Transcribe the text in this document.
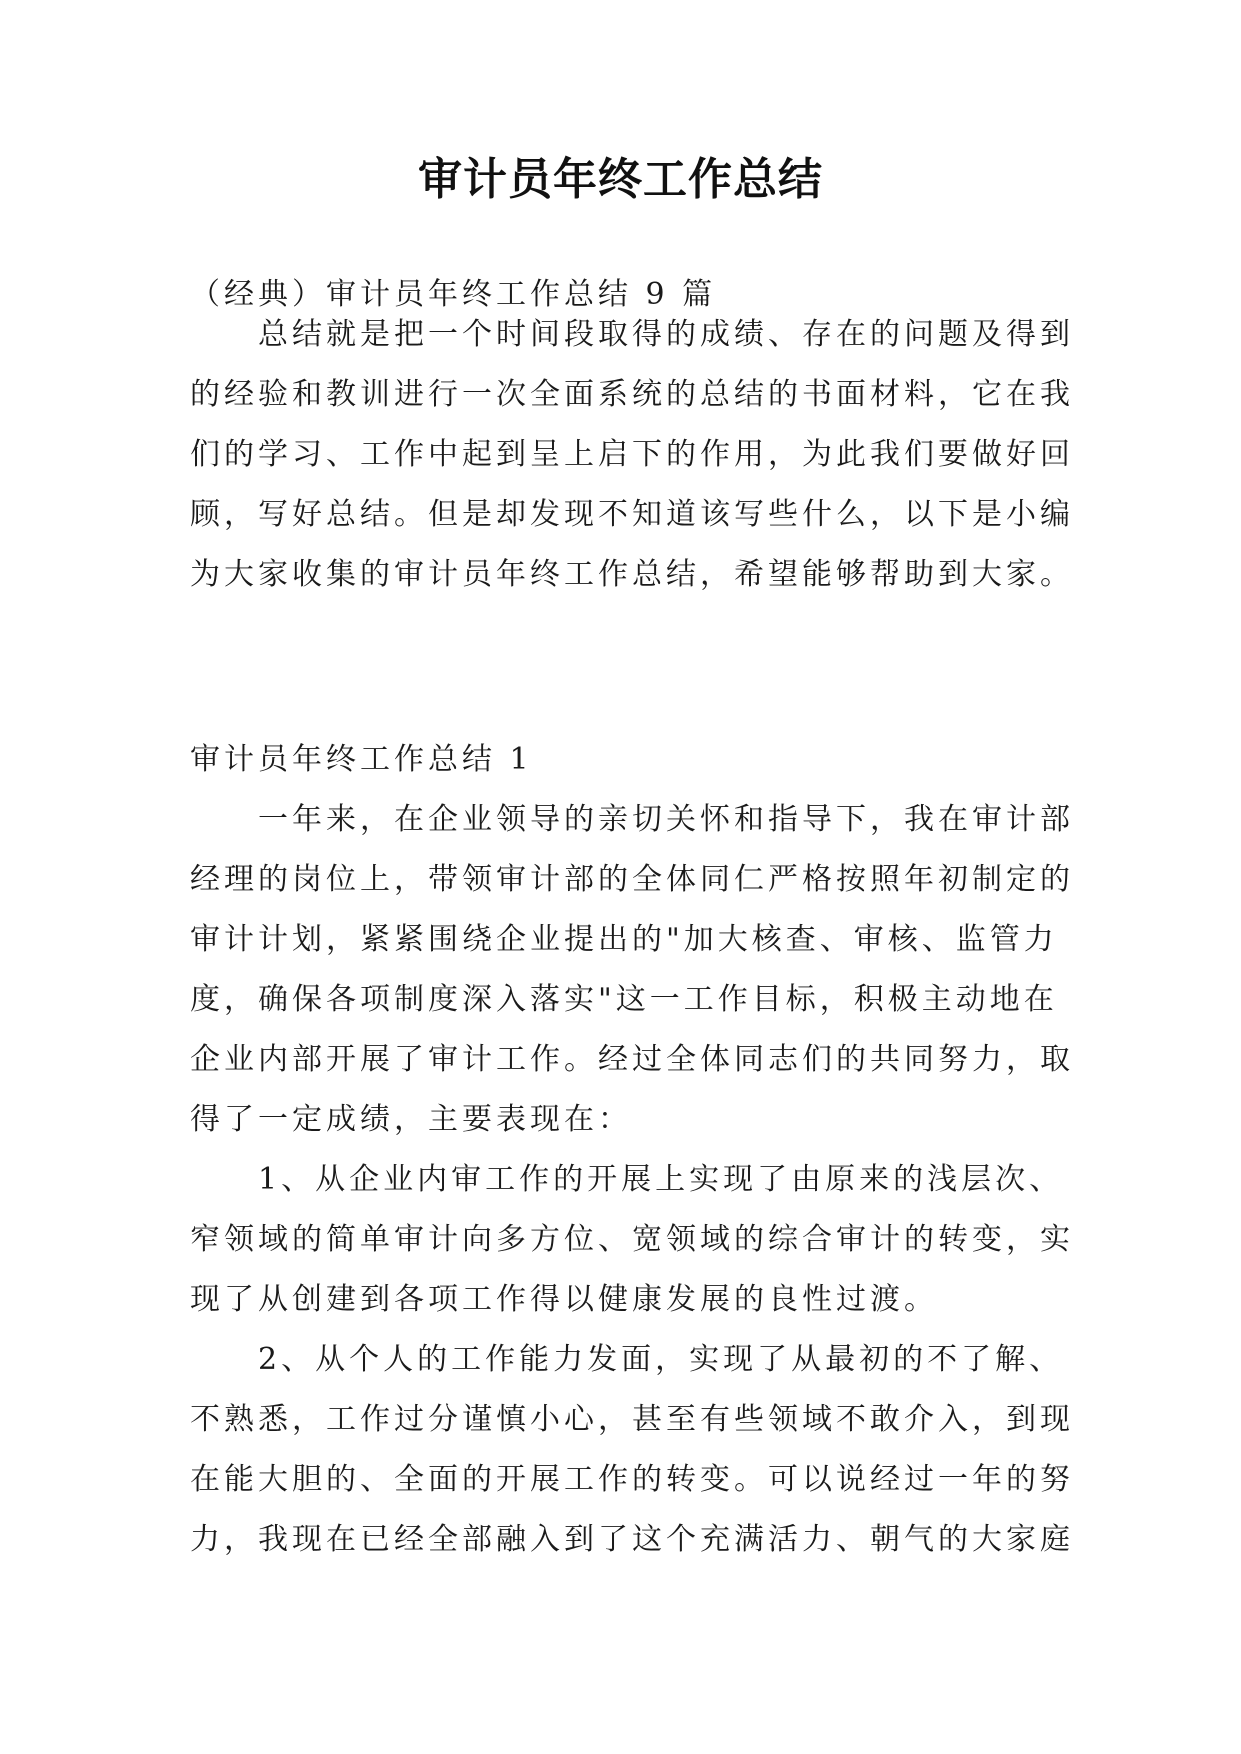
审计员年终工作总结
（经典）审计员年终工作总结 9 篇
总结就是把一个时间段取得的成绩、存在的问题及得到
的经验和教训进行一次全面系统的总结的书面材料，它在我
们的学习、工作中起到呈上启下的作用，为此我们要做好回
顾，写好总结。但是却发现不知道该写些什么，以下是小编
为大家收集的审计员年终工作总结，希望能够帮助到大家。
审计员年终工作总结 1
一年来，在企业领导的亲切关怀和指导下，我在审计部
经理的岗位上，带领审计部的全体同仁严格按照年初制定的
审计计划，紧紧围绕企业提出的"加大核查、审核、监管力
度，确保各项制度深入落实"这一工作目标，积极主动地在
企业内部开展了审计工作。经过全体同志们的共同努力，取
得了一定成绩，主要表现在：
1、从企业内审工作的开展上实现了由原来的浅层次、
窄领域的简单审计向多方位、宽领域的综合审计的转变，实
现了从创建到各项工作得以健康发展的良性过渡。
2、从个人的工作能力发面，实现了从最初的不了解、
不熟悉，工作过分谨慎小心，甚至有些领域不敢介入，到现
在能大胆的、全面的开展工作的转变。可以说经过一年的努
力，我现在已经全部融入到了这个充满活力、朝气的大家庭
